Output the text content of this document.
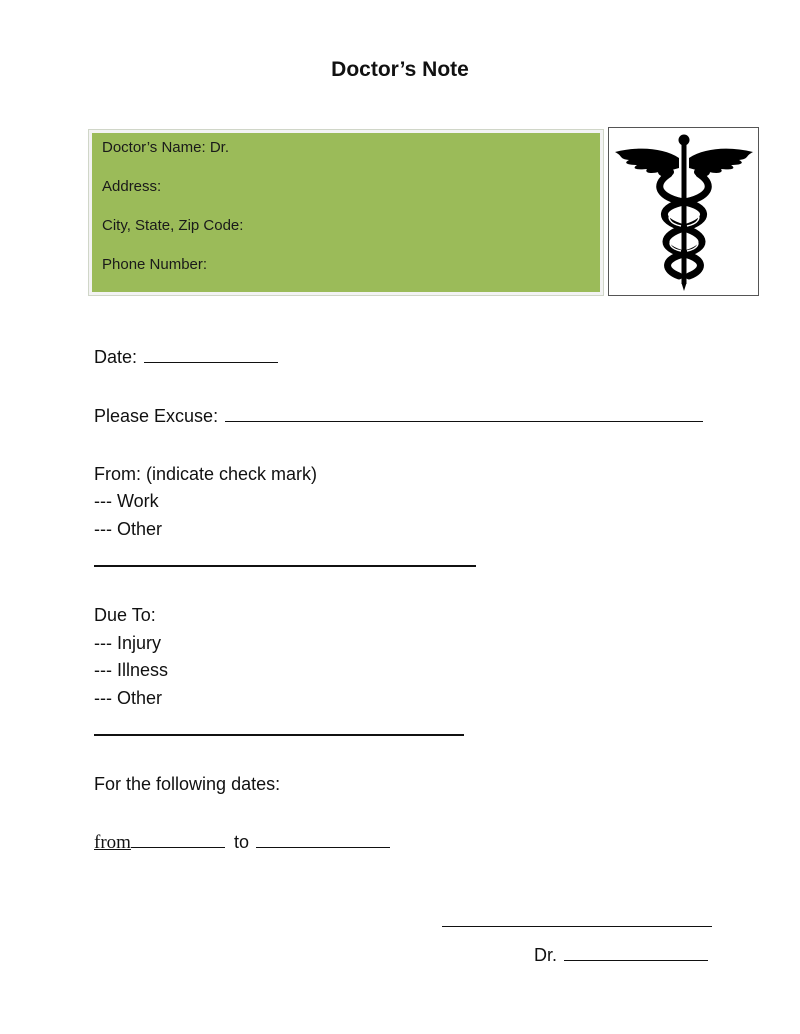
Doctor’s Note
Doctor’s Name: Dr.
Address:
City, State, Zip Code:
Phone Number:
Date:
Please Excuse:
From: (indicate check mark)
--- Work
--- Other
Due To:
--- Injury
--- Illness
--- Other
For the following dates:
from	to
Dr.
